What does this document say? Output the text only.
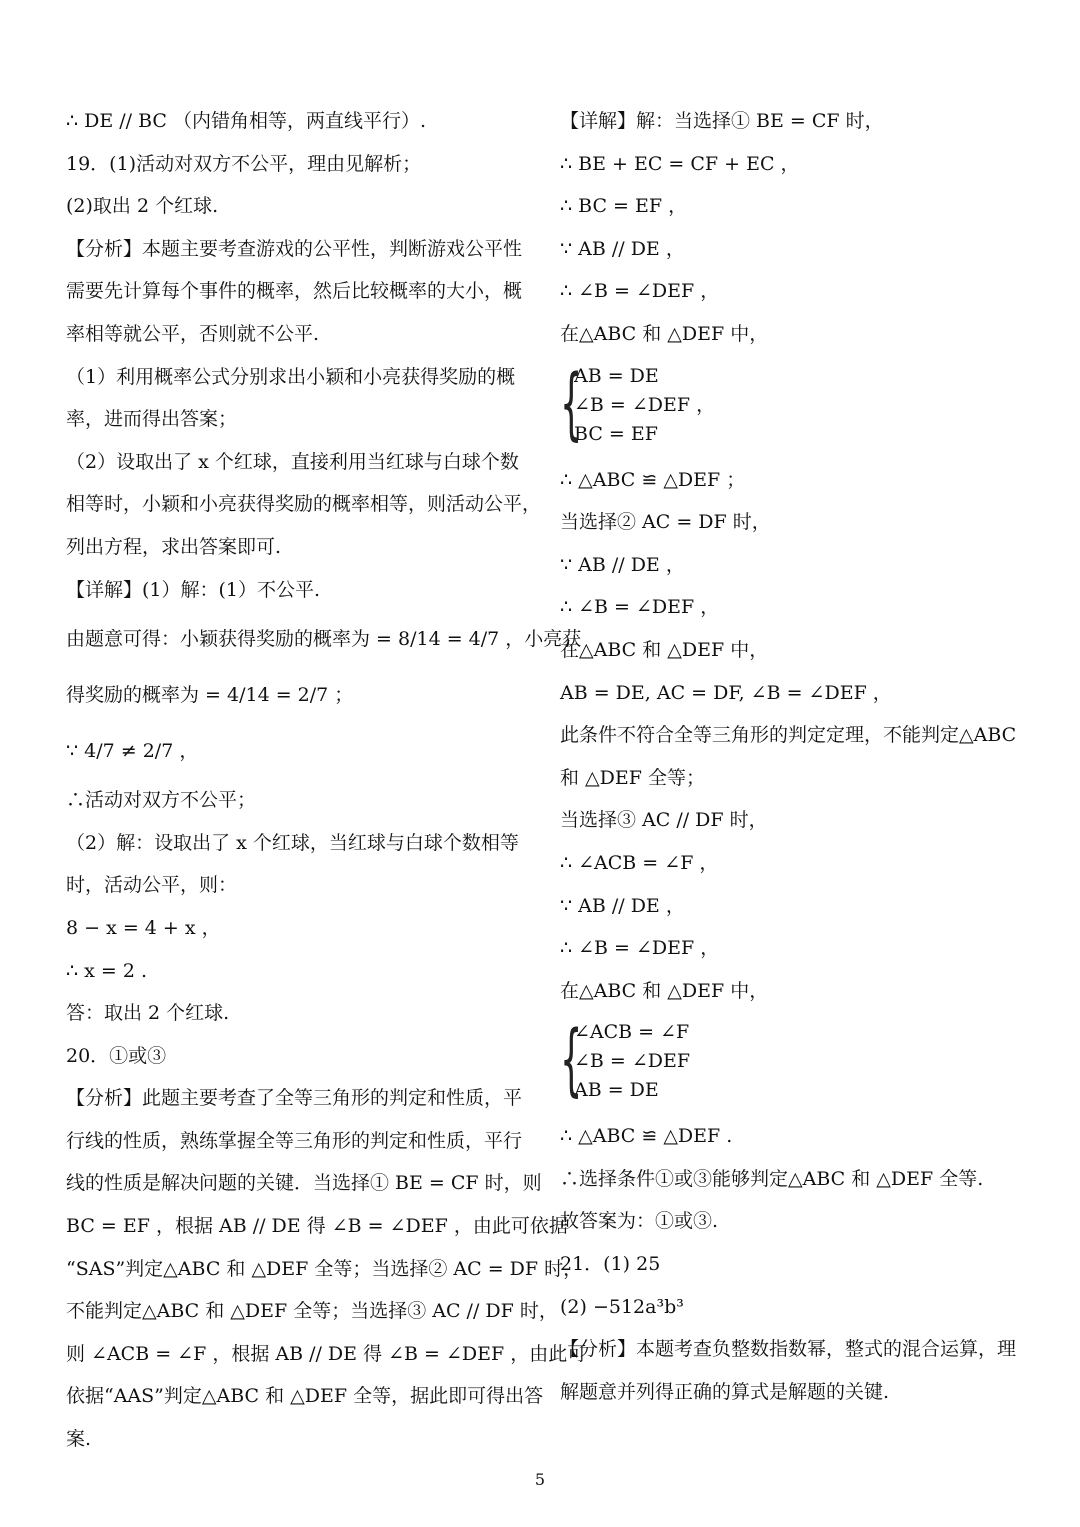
∴ DE // BC （内错角相等，两直线平行）.
19．(1)活动对双方不公平，理由见解析；
(2)取出 2 个红球.
【分析】本题主要考查游戏的公平性，判断游戏公平性
需要先计算每个事件的概率，然后比较概率的大小，概
率相等就公平，否则就不公平.
（1）利用概率公式分别求出小颖和小亮获得奖励的概
率，进而得出答案；
（2）设取出了 x 个红球，直接利用当红球与白球个数
相等时，小颖和小亮获得奖励的概率相等，则活动公平，
列出方程，求出答案即可.
【详解】(1）解：(1）不公平.
由题意可得：小颖获得奖励的概率为 = 8/14 = 4/7 ，小亮获
得奖励的概率为 = 4/14 = 2/7 ；
∵ 4/7 ≠ 2/7 ，
∴活动对双方不公平；
（2）解：设取出了 x 个红球，当红球与白球个数相等
时，活动公平，则：
8 − x = 4 + x ，
∴ x = 2 .
答：取出 2 个红球.
20．①或③
【分析】此题主要考查了全等三角形的判定和性质，平
行线的性质，熟练掌握全等三角形的判定和性质，平行
线的性质是解决问题的关键．当选择① BE = CF 时，则
BC = EF ，根据 AB // DE 得 ∠B = ∠DEF ，由此可依据
“SAS”判定△ABC 和 △DEF 全等；当选择② AC = DF 时，
不能判定△ABC 和 △DEF 全等；当选择③ AC // DF 时，
则 ∠ACB = ∠F ，根据 AB // DE 得 ∠B = ∠DEF ，由此可
依据“AAS”判定△ABC 和 △DEF 全等，据此即可得出答
案.
【详解】解：当选择① BE = CF 时，
∴ BE + EC = CF + EC ，
∴ BC = EF ，
∵ AB // DE ，
∴ ∠B = ∠DEF ，
在△ABC 和 △DEF 中，
{
AB = DE
∠B = ∠DEF ，
BC = EF
∴ △ABC ≌ △DEF ；
当选择② AC = DF 时，
∵ AB // DE ，
∴ ∠B = ∠DEF ，
在△ABC 和 △DEF 中，
AB = DE, AC = DF, ∠B = ∠DEF ，
此条件不符合全等三角形的判定定理，不能判定△ABC
和 △DEF 全等；
当选择③ AC // DF 时，
∴ ∠ACB = ∠F ，
∵ AB // DE ，
∴ ∠B = ∠DEF ，
在△ABC 和 △DEF 中，
{
∠ACB = ∠F
∠B = ∠DEF
AB = DE
∴ △ABC ≌ △DEF .
∴选择条件①或③能够判定△ABC 和 △DEF 全等.
故答案为：①或③.
21．(1) 25
(2) −512a³b³
【分析】本题考查负整数指数幂，整式的混合运算，理
解题意并列得正确的算式是解题的关键.
5
